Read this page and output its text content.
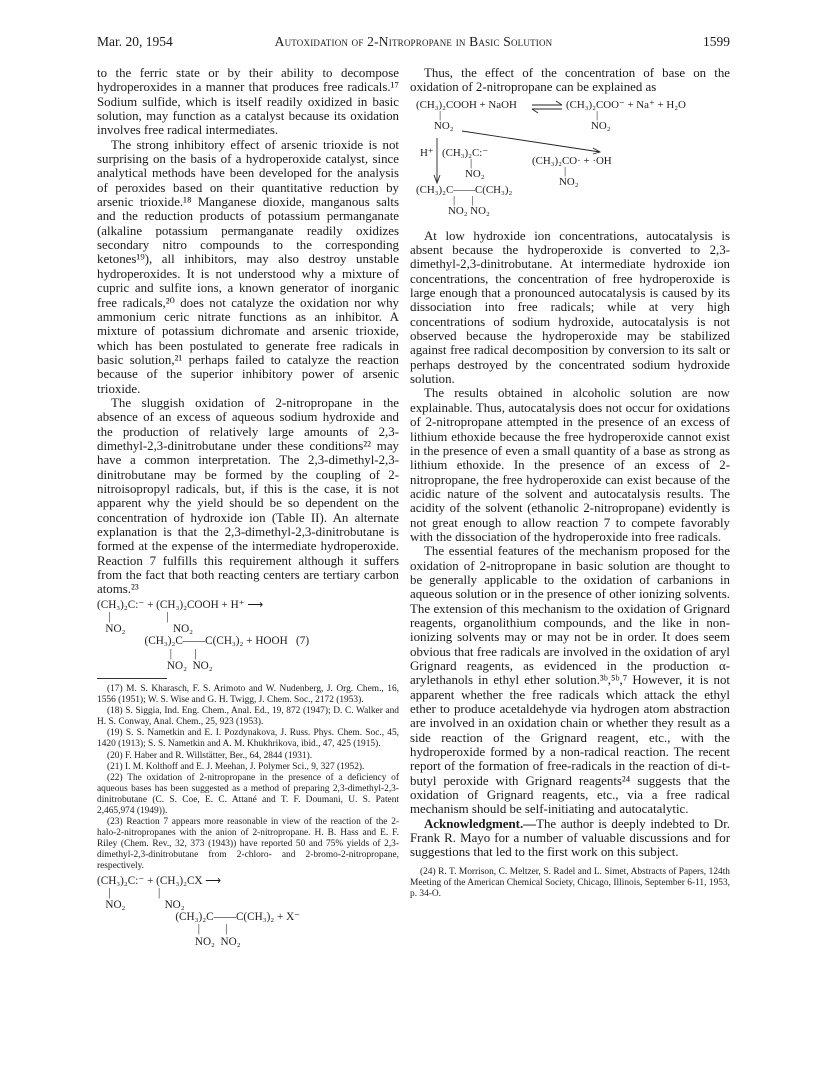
Mar. 20, 1954	Autoxidation of 2-Nitropropane in Basic Solution	1599

to the ferric state or by their ability to decompose hydroperoxides in a manner that produces free radicals.¹⁷ Sodium sulfide, which is itself readily oxidized in basic solution, may function as a catalyst because its oxidation involves free radical intermediates.

The strong inhibitory effect of arsenic trioxide is not surprising on the basis of a hydroperoxide catalyst, since analytical methods have been developed for the analysis of peroxides based on their quantitative reduction by arsenic trioxide.¹⁸ Manganese dioxide, manganous salts and the reduction products of potassium permanganate (alkaline potassium permanganate readily oxidizes secondary nitro compounds to the corresponding ketones¹⁹), all inhibitors, may also destroy unstable hydroperoxides. It is not understood why a mixture of cupric and sulfite ions, a known generator of inorganic free radicals,²⁰ does not catalyze the oxidation nor why ammonium ceric nitrate functions as an inhibitor. A mixture of potassium dichromate and arsenic trioxide, which has been postulated to generate free radicals in basic solution,²¹ perhaps failed to catalyze the reaction because of the superior inhibitory power of arsenic trioxide.

The sluggish oxidation of 2-nitropropane in the absence of an excess of aqueous sodium hydroxide and the production of relatively large amounts of 2,3-dimethyl-2,3-dinitrobutane under these conditions²² may have a common interpretation. The 2,3-dimethyl-2,3-dinitrobutane may be formed by the coupling of 2-nitroisopropyl radicals, but, if this is the case, it is not apparent why the yield should be so dependent on the concentration of hydroxide ion (Table II). An alternate explanation is that the 2,3-dimethyl-2,3-dinitrobutane is formed at the expense of the intermediate hydroperoxide. Reaction 7 fulfills this requirement although it suffers from the fact that both reacting centers are tertiary carbon atoms.²³

(CH₃)₂C:⁻ + (CH₃)₂COOH + H⁺ ⟶
|                    |
NO₂                 NO₂
(CH₃)₂C——C(CH₃)₂ + HOOH   (7)
|        |
NO₂  NO₂

(17) M. S. Kharasch, F. S. Arimoto and W. Nudenberg, J. Org. Chem., 16, 1556 (1951); W. S. Wise and G. H. Twigg, J. Chem. Soc., 2172 (1953).

(18) S. Siggia, Ind. Eng. Chem., Anal. Ed., 19, 872 (1947); D. C. Walker and H. S. Conway, Anal. Chem., 25, 923 (1953).

(19) S. S. Nametkin and E. I. Pozdynakova, J. Russ. Phys. Chem. Soc., 45, 1420 (1913); S. S. Nametkin and A. M. Khukhrikova, ibid., 47, 425 (1915).

(20) F. Haber and R. Willstätter, Ber., 64, 2844 (1931).

(21) I. M. Kolthoff and E. J. Meehan, J. Polymer Sci., 9, 327 (1952).

(22) The oxidation of 2-nitropropane in the presence of a deficiency of aqueous bases has been suggested as a method of preparing 2,3-dimethyl-2,3-dinitrobutane (C. S. Coe, E. C. Attané and T. F. Doumani, U. S. Patent 2,465,974 (1949)).

(23) Reaction 7 appears more reasonable in view of the reaction of the 2-halo-2-nitropropanes with the anion of 2-nitropropane. H. B. Hass and E. F. Riley (Chem. Rev., 32, 373 (1943)) have reported 50 and 75% yields of 2,3-dimethyl-2,3-dinitrobutane from 2-chloro- and 2-bromo-2-nitropropane, respectively.

(CH₃)₂C:⁻ + (CH₃)₂CX ⟶
|                 |
NO₂              NO₂
(CH₃)₂C——C(CH₃)₂ + X⁻
|         |
NO₂  NO₂

Thus, the effect of the concentration of base on the oxidation of 2-nitropropane can be explained as

(CH₃)₂COOH + NaOH	(CH₃)₂COO⁻ + Na⁺ + H₂O
|
NO₂
|
NO₂
H⁺ (CH₃)₂C:⁻
|
NO₂
(CH₃)₂CO· + ·OH
|
NO₂
(CH₃)₂C——C(CH₃)₂
|      |
NO₂ NO₂

At low hydroxide ion concentrations, autocatalysis is absent because the hydroperoxide is converted to 2,3-dimethyl-2,3-dinitrobutane. At intermediate hydroxide ion concentrations, the concentration of free hydroperoxide is large enough that a pronounced autocatalysis is caused by its dissociation into free radicals; while at very high concentrations of sodium hydroxide, autocatalysis is not observed because the hydroperoxide may be stabilized against free radical decomposition by conversion to its salt or perhaps destroyed by the concentrated sodium hydroxide solution.

The results obtained in alcoholic solution are now explainable. Thus, autocatalysis does not occur for oxidations of 2-nitropropane attempted in the presence of an excess of lithium ethoxide because the free hydroperoxide cannot exist in the presence of even a small quantity of a base as strong as lithium ethoxide. In the presence of an excess of 2-nitropropane, the free hydroperoxide can exist because of the acidic nature of the solvent and autocatalysis results. The acidity of the solvent (ethanolic 2-nitropropane) evidently is not great enough to allow reaction 7 to compete favorably with the dissociation of the hydroperoxide into free radicals.

The essential features of the mechanism proposed for the oxidation of 2-nitropropane in basic solution are thought to be generally applicable to the oxidation of carbanions in aqueous solution or in the presence of other ionizing solvents. The extension of this mechanism to the oxidation of Grignard reagents, organolithium compounds, and the like in non-ionizing solvents may or may not be in order. It does seem obvious that free radicals are involved in the oxidation of aryl Grignard reagents, as evidenced in the production α-arylethanols in ethyl ether solution.³ᵇ,⁵ᵇ,⁷ However, it is not apparent whether the free radicals which attack the ethyl ether to produce acetaldehyde via hydrogen atom abstraction are involved in an oxidation chain or whether they result as a side reaction of the Grignard reagent, etc., with the hydroperoxide formed by a non-radical reaction. The recent report of the formation of free-radicals in the reaction of di-t-butyl peroxide with Grignard reagents²⁴ suggests that the oxidation of Grignard reagents, etc., via a free radical mechanism should be self-initiating and autocatalytic.

Acknowledgment.—The author is deeply indebted to Dr. Frank R. Mayo for a number of valuable discussions and for suggestions that led to the first work on this subject.

(24) R. T. Morrison, C. Meltzer, S. Radel and L. Simet, Abstracts of Papers, 124th Meeting of the American Chemical Society, Chicago, Illinois, September 6-11, 1953, p. 34-O.
